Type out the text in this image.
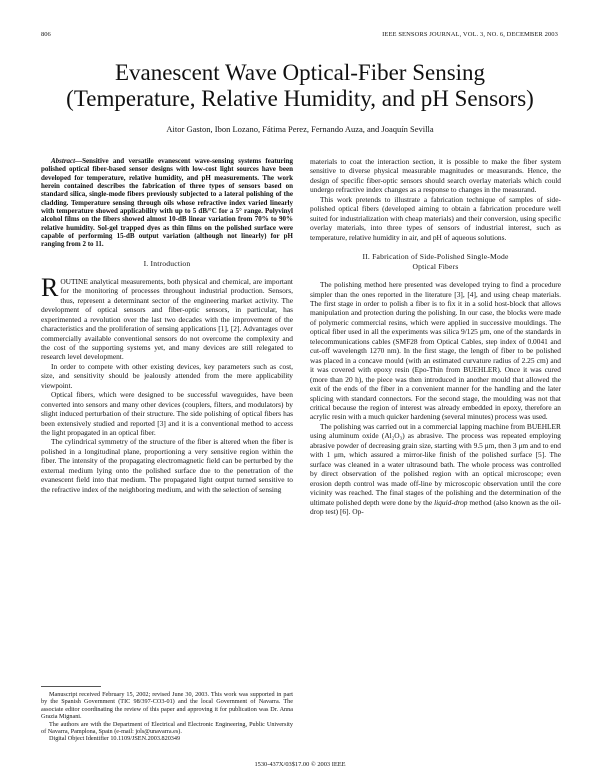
806	IEEE SENSORS JOURNAL, VOL. 3, NO. 6, DECEMBER 2003
Evanescent Wave Optical-Fiber Sensing
(Temperature, Relative Humidity, and pH Sensors)
Aitor Gaston, Ibon Lozano, Fátima Perez, Fernando Auza, and Joaquín Sevilla

Abstract—Sensitive and versatile evanescent wave-sensing systems featuring polished optical fiber-based sensor designs with low-cost light sources have been developed for temperature, relative humidity, and pH measurements. The work herein contained describes the fabrication of three types of sensors based on standard silica, single-mode fibers previously subjected to a lateral polishing of the cladding. Temperature sensing through oils whose refractive index varied linearly with temperature showed applicability with up to 5 dB/°C for a 5° range. Polyvinyl alcohol films on the fibers showed almost 10-dB linear variation from 70% to 90% relative humidity. Sol-gel trapped dyes as thin films on the polished surface were capable of performing 15-dB output variation (although not linearly) for pH ranging from 2 to 11.

I. Introduction

ROUTINE analytical measurements, both physical and chemical, are important for the monitoring of processes throughout industrial production. Sensors, thus, represent a determinant sector of the engineering market activity. The development of optical sensors and fiber-optic sensors, in particular, has experimented a revolution over the last two decades with the improvement of the characteristics and the proliferation of sensing applications [1], [2]. Advantages over commercially available conventional sensors do not overcome the complexity and the cost of the supporting systems yet, and many devices are still relegated to research level development.

In order to compete with other existing devices, key parameters such as cost, size, and sensitivity should be jealously attended from the mere applicability viewpoint.

Optical fibers, which were designed to be successful waveguides, have been converted into sensors and many other devices (couplers, filters, and modulators) by slight induced perturbation of their structure. The side polishing of optical fibers has been extensively studied and reported [3] and it is a conventional method to access the light propagated in an optical fiber.

The cylindrical symmetry of the structure of the fiber is altered when the fiber is polished in a longitudinal plane, proportioning a very sensitive region within the fiber. The intensity of the propagating electromagnetic field can be perturbed by the external medium lying onto the polished surface due to the penetration of the evanescent field into that medium. The propagated light output turned sensitive to the refractive index of the neighboring medium, and with the selection of sensing

Manuscript received February 15, 2002; revised June 30, 2003. This work was supported in part by the Spanish Government (TIC 98/397-CO3-01) and the local Government of Navarra. The associate editor coordinating the review of this paper and approving it for publication was Dr. Anna Grazia Mignani.

The authors are with the Department of Electrical and Electronic Engineering, Public University of Navarra, Pamplona, Spain (e-mail: jols@unavarra.es).

Digital Object Identifier 10.1109/JSEN.2003.820349

materials to coat the interaction section, it is possible to make the fiber system sensitive to diverse physical measurable magnitudes or measurands. Hence, the design of specific fiber-optic sensors should search overlay materials which could undergo refractive index changes as a response to changes in the measurand.

This work pretends to illustrate a fabrication technique of samples of side-polished optical fibers (developed aiming to obtain a fabrication procedure well suited for industrialization with cheap materials) and their conversion, using specific overlay materials, into three types of sensors of industrial interest, such as temperature, relative humidity in air, and pH of aqueous solutions.

II. Fabrication of Side-Polished Single-Mode
Optical Fibers

The polishing method here presented was developed trying to find a procedure simpler than the ones reported in the literature [3], [4], and using cheap materials. The first stage in order to polish a fiber is to fix it in a solid host-block that allows manipulation and protection during the polishing. In our case, the blocks were made of polymeric commercial resins, which were applied in successive mouldings. The optical fiber used in all the experiments was silica 9/125 μm, one of the standards in telecommunications cables (SMF28 from Optical Cables, step index of 0.0041 and cut-off wavelength 1270 nm). In the first stage, the length of fiber to be polished was placed in a concave mould (with an estimated curvature radius of 2.25 cm) and it was covered with epoxy resin (Epo-Thin from BUEHLER). Once it was cured (more than 20 h), the piece was then introduced in another mould that allowed the exit of the ends of the fiber in a convenient manner for the handling and the later splicing with standard connectors. For the second stage, the moulding was not that critical because the region of interest was already embedded in epoxy, therefore an acrylic resin with a much quicker hardening (several minutes) process was used.

The polishing was carried out in a commercial lapping machine from BUEHLER using aluminum oxide (Al₂O₃) as abrasive. The process was repeated employing abrasive powder of decreasing grain size, starting with 9.5 μm, then 3 μm and to end with 1 μm, which assured a mirror-like finish of the polished surface [5]. The surface was cleaned in a water ultrasound bath. The whole process was controlled by direct observation of the polished region with an optical microscope; even erosion depth control was made off-line by microscopic observation until the core vicinity was reached. The final stages of the polishing and the determination of the ultimate polished depth were done by the liquid-drop method (also known as the oil-drop test) [6]. Op-

1530-437X/03$17.00 © 2003 IEEE
